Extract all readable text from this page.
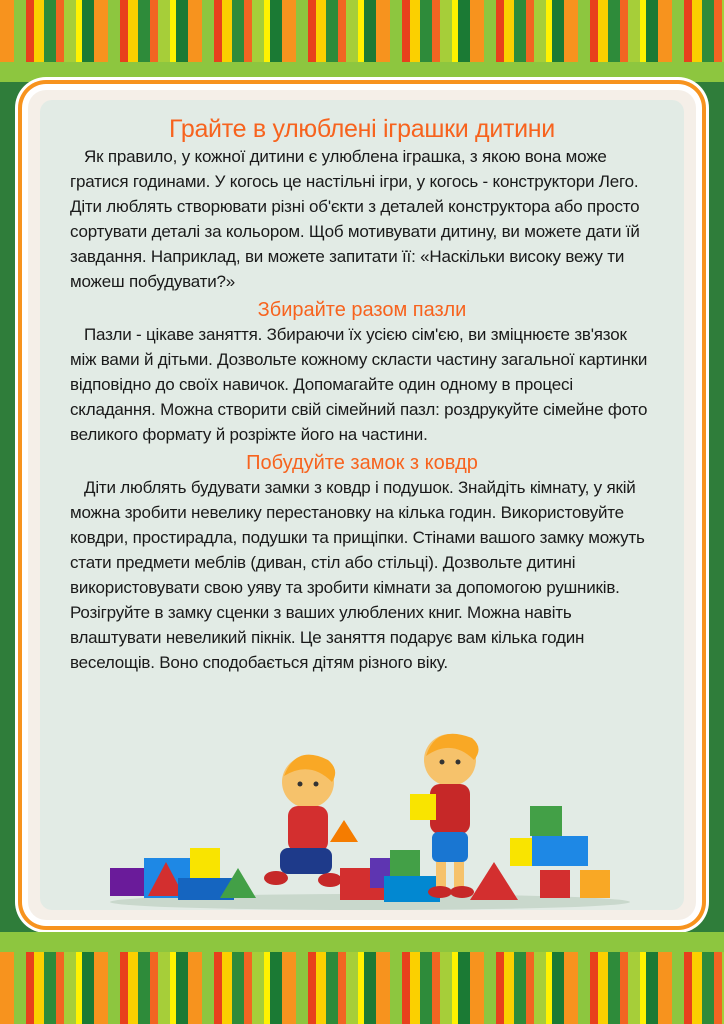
Грайте в улюблені іграшки дитини

Як правило, у кожної дитини є улюблена іграшка, з якою вона може гратися годинами. У когось це настільні ігри, у когось - конструктори Лего. Діти люблять створювати різні об'єкти з деталей конструктора або просто сортувати деталі за кольором. Щоб мотивувати дитину, ви можете дати їй завдання. Наприклад, ви можете запитати її: «Наскільки високу вежу ти можеш побудувати?»

Збирайте разом пазли

Пазли - цікаве заняття. Збираючи їх усією сім'єю, ви зміцнюєте зв'язок між вами й дітьми. Дозвольте кожному скласти частину загальної картинки відповідно до своїх навичок. Допомагайте один одному в процесі складання. Можна створити свій сімейний пазл: роздрукуйте сімейне фото великого формату й розріжте його на частини.

Побудуйте замок з ковдр

Діти люблять будувати замки з ковдр і подушок. Знайдіть кімнату, у якій можна зробити невелику перестановку на кілька годин. Використовуйте ковдри, простирадла, подушки та прищіпки. Стінами вашого замку можуть стати предмети меблів (диван, стіл або стільці). Дозвольте дитині використовувати свою уяву та зробити кімнати за допомогою рушників. Розігруйте в замку сценки з ваших улюблених книг. Можна навіть влаштувати невеликий пікнік. Це заняття подарує вам кілька годин веселощів. Воно сподобається дітям різного віку.
